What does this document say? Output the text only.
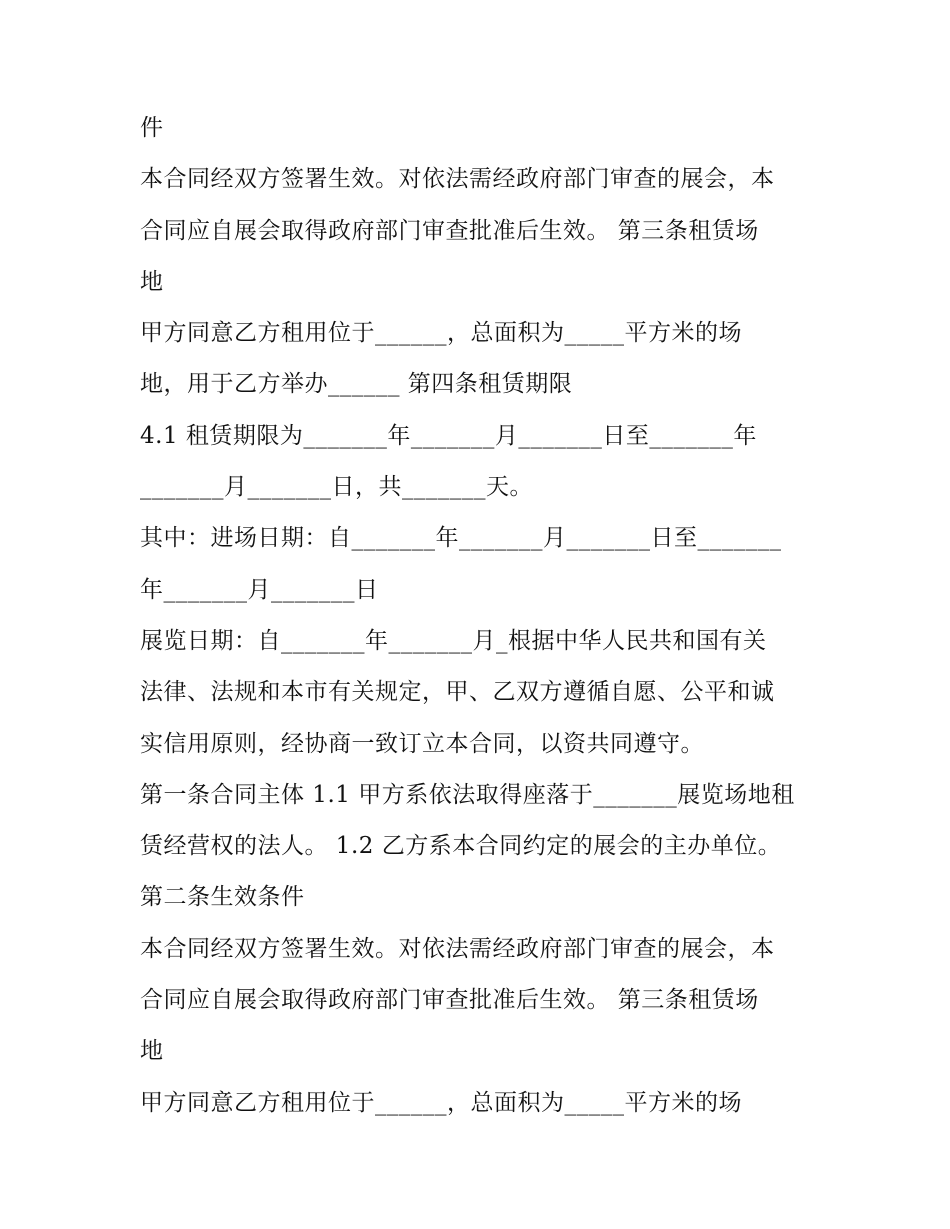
件
本合同经双方签署生效。对依法需经政府部门审查的展会，本
合同应自展会取得政府部门审查批准后生效。 第三条租赁场
地
甲方同意乙方租用位于______，总面积为_____平方米的场
地，用于乙方举办______ 第四条租赁期限
4.1 租赁期限为_______年_______月_______日至_______年
_______月_______日，共_______天。
其中：进场日期：自_______年_______月_______日至_______
年_______月_______日
展览日期：自_______年_______月_根据中华人民共和国有关
法律、法规和本市有关规定，甲、乙双方遵循自愿、公平和诚
实信用原则，经协商一致订立本合同，以资共同遵守。
第一条合同主体 1.1 甲方系依法取得座落于_______展览场地租
赁经营权的法人。 1.2 乙方系本合同约定的展会的主办单位。
第二条生效条件
本合同经双方签署生效。对依法需经政府部门审查的展会，本
合同应自展会取得政府部门审查批准后生效。 第三条租赁场
地
甲方同意乙方租用位于______，总面积为_____平方米的场
